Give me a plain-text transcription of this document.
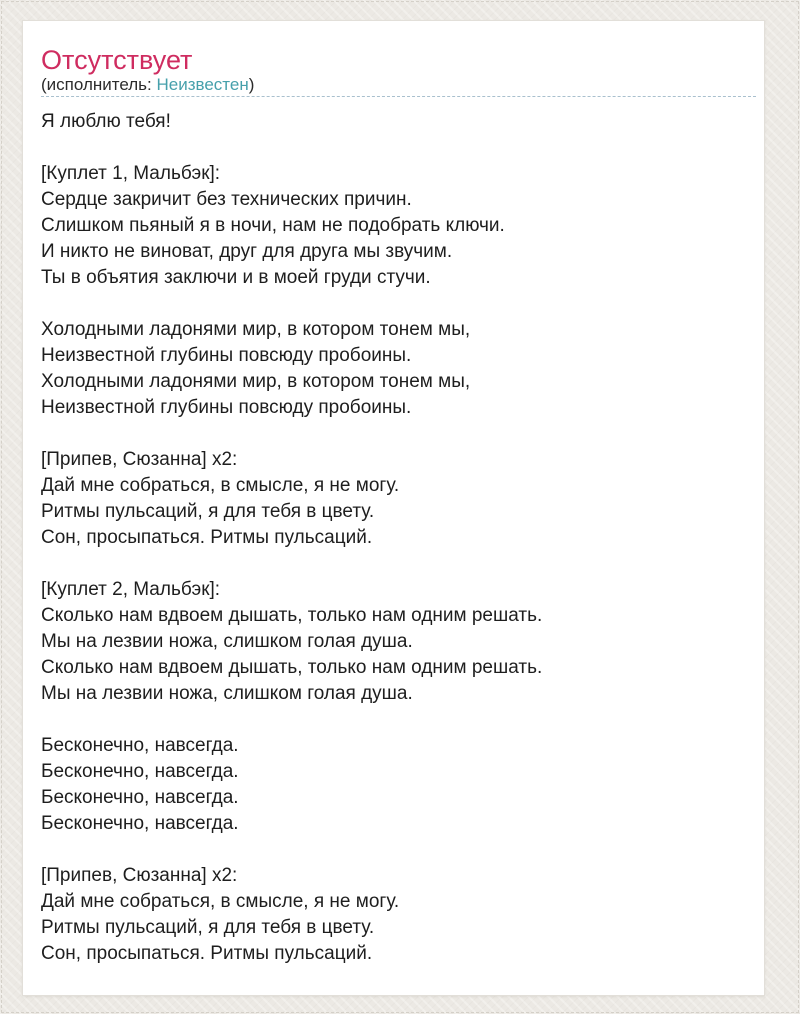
Отсутствует
(исполнитель: Неизвестен)
Я люблю тебя!
[Куплет 1, Мальбэк]:
Сердце закричит без технических причин.
Слишком пьяный я в ночи, нам не подобрать ключи.
И никто не виноват, друг для друга мы звучим.
Ты в объятия заключи и в моей груди стучи.
Холодными ладонями мир, в котором тонем мы,
Неизвестной глубины повсюду пробоины.
Холодными ладонями мир, в котором тонем мы,
Неизвестной глубины повсюду пробоины.
[Припев, Сюзанна] x2:
Дай мне собраться, в смысле, я не могу.
Ритмы пульсаций, я для тебя в цвету.
Сон, просыпаться. Ритмы пульсаций.
[Куплет 2, Мальбэк]:
Сколько нам вдвоем дышать, только нам одним решать.
Мы на лезвии ножа, слишком голая душа.
Сколько нам вдвоем дышать, только нам одним решать.
Мы на лезвии ножа, слишком голая душа.
Бесконечно, навсегда.
Бесконечно, навсегда.
Бесконечно, навсегда.
Бесконечно, навсегда.
[Припев, Сюзанна] x2:
Дай мне собраться, в смысле, я не могу.
Ритмы пульсаций, я для тебя в цвету.
Сон, просыпаться. Ритмы пульсаций.
